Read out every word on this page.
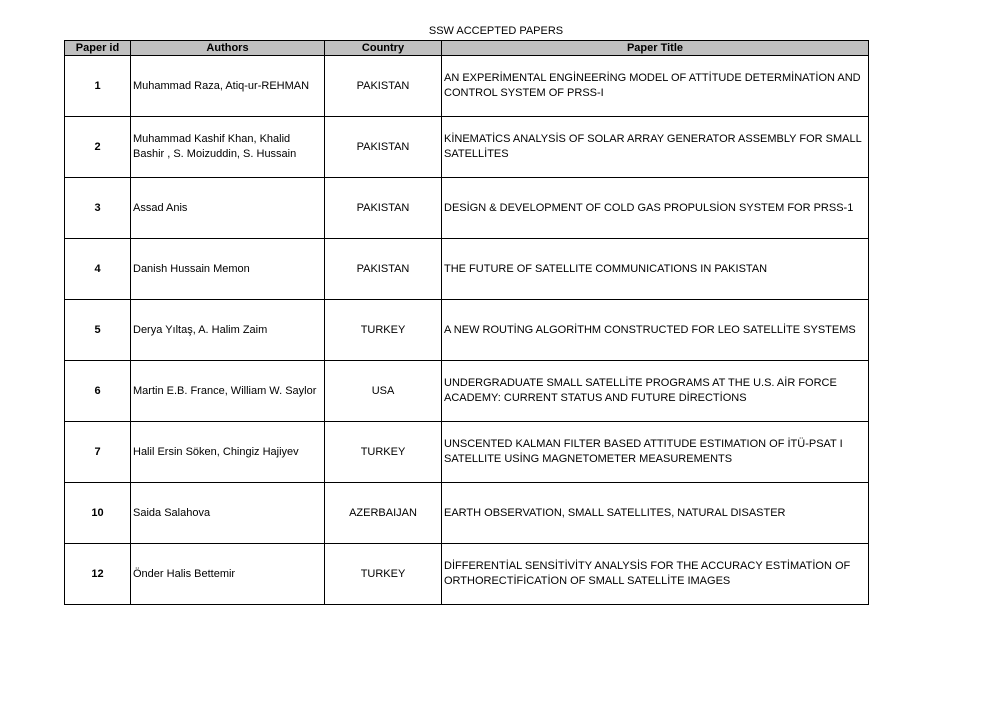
SSW ACCEPTED PAPERS
Paper id	Authors	Country	Paper Title
1	Muhammad Raza, Atiq-ur-REHMAN	PAKISTAN	AN EXPERİMENTAL ENGİNEERİNG MODEL OF ATTİTUDE DETERMİNATİON AND CONTROL SYSTEM OF PRSS-I
2	Muhammad Kashif Khan, Khalid Bashir , S. Moizuddin, S. Hussain	PAKISTAN	KİNEMATİCS ANALYSİS OF SOLAR ARRAY GENERATOR ASSEMBLY FOR SMALL SATELLİTES
3	Assad Anis	PAKISTAN	DESİGN & DEVELOPMENT OF COLD GAS PROPULSİON SYSTEM FOR PRSS-1
4	Danish Hussain Memon	PAKISTAN	THE FUTURE OF SATELLITE COMMUNICATIONS IN PAKISTAN
5	Derya Yıltaş, A. Halim Zaim	TURKEY	A NEW ROUTİNG ALGORİTHM CONSTRUCTED FOR LEO SATELLİTE SYSTEMS
6	Martin E.B. France, William W. Saylor	USA	UNDERGRADUATE SMALL SATELLİTE PROGRAMS AT THE U.S. AİR FORCE ACADEMY: CURRENT STATUS AND FUTURE DİRECTİONS
7	Halil Ersin Söken, Chingiz Hajiyev	TURKEY	UNSCENTED KALMAN FILTER BASED ATTITUDE ESTIMATION OF İTÜ-PSAT I SATELLITE USİNG MAGNETOMETER MEASUREMENTS
10	Saida Salahova	AZERBAIJAN	EARTH OBSERVATION, SMALL SATELLITES, NATURAL DISASTER
12	Önder Halis Bettemir	TURKEY	DİFFERENTİAL SENSİTİVİTY ANALYSİS FOR THE ACCURACY ESTİMATİON OF ORTHORECTİFİCATİON OF SMALL SATELLİTE IMAGES
